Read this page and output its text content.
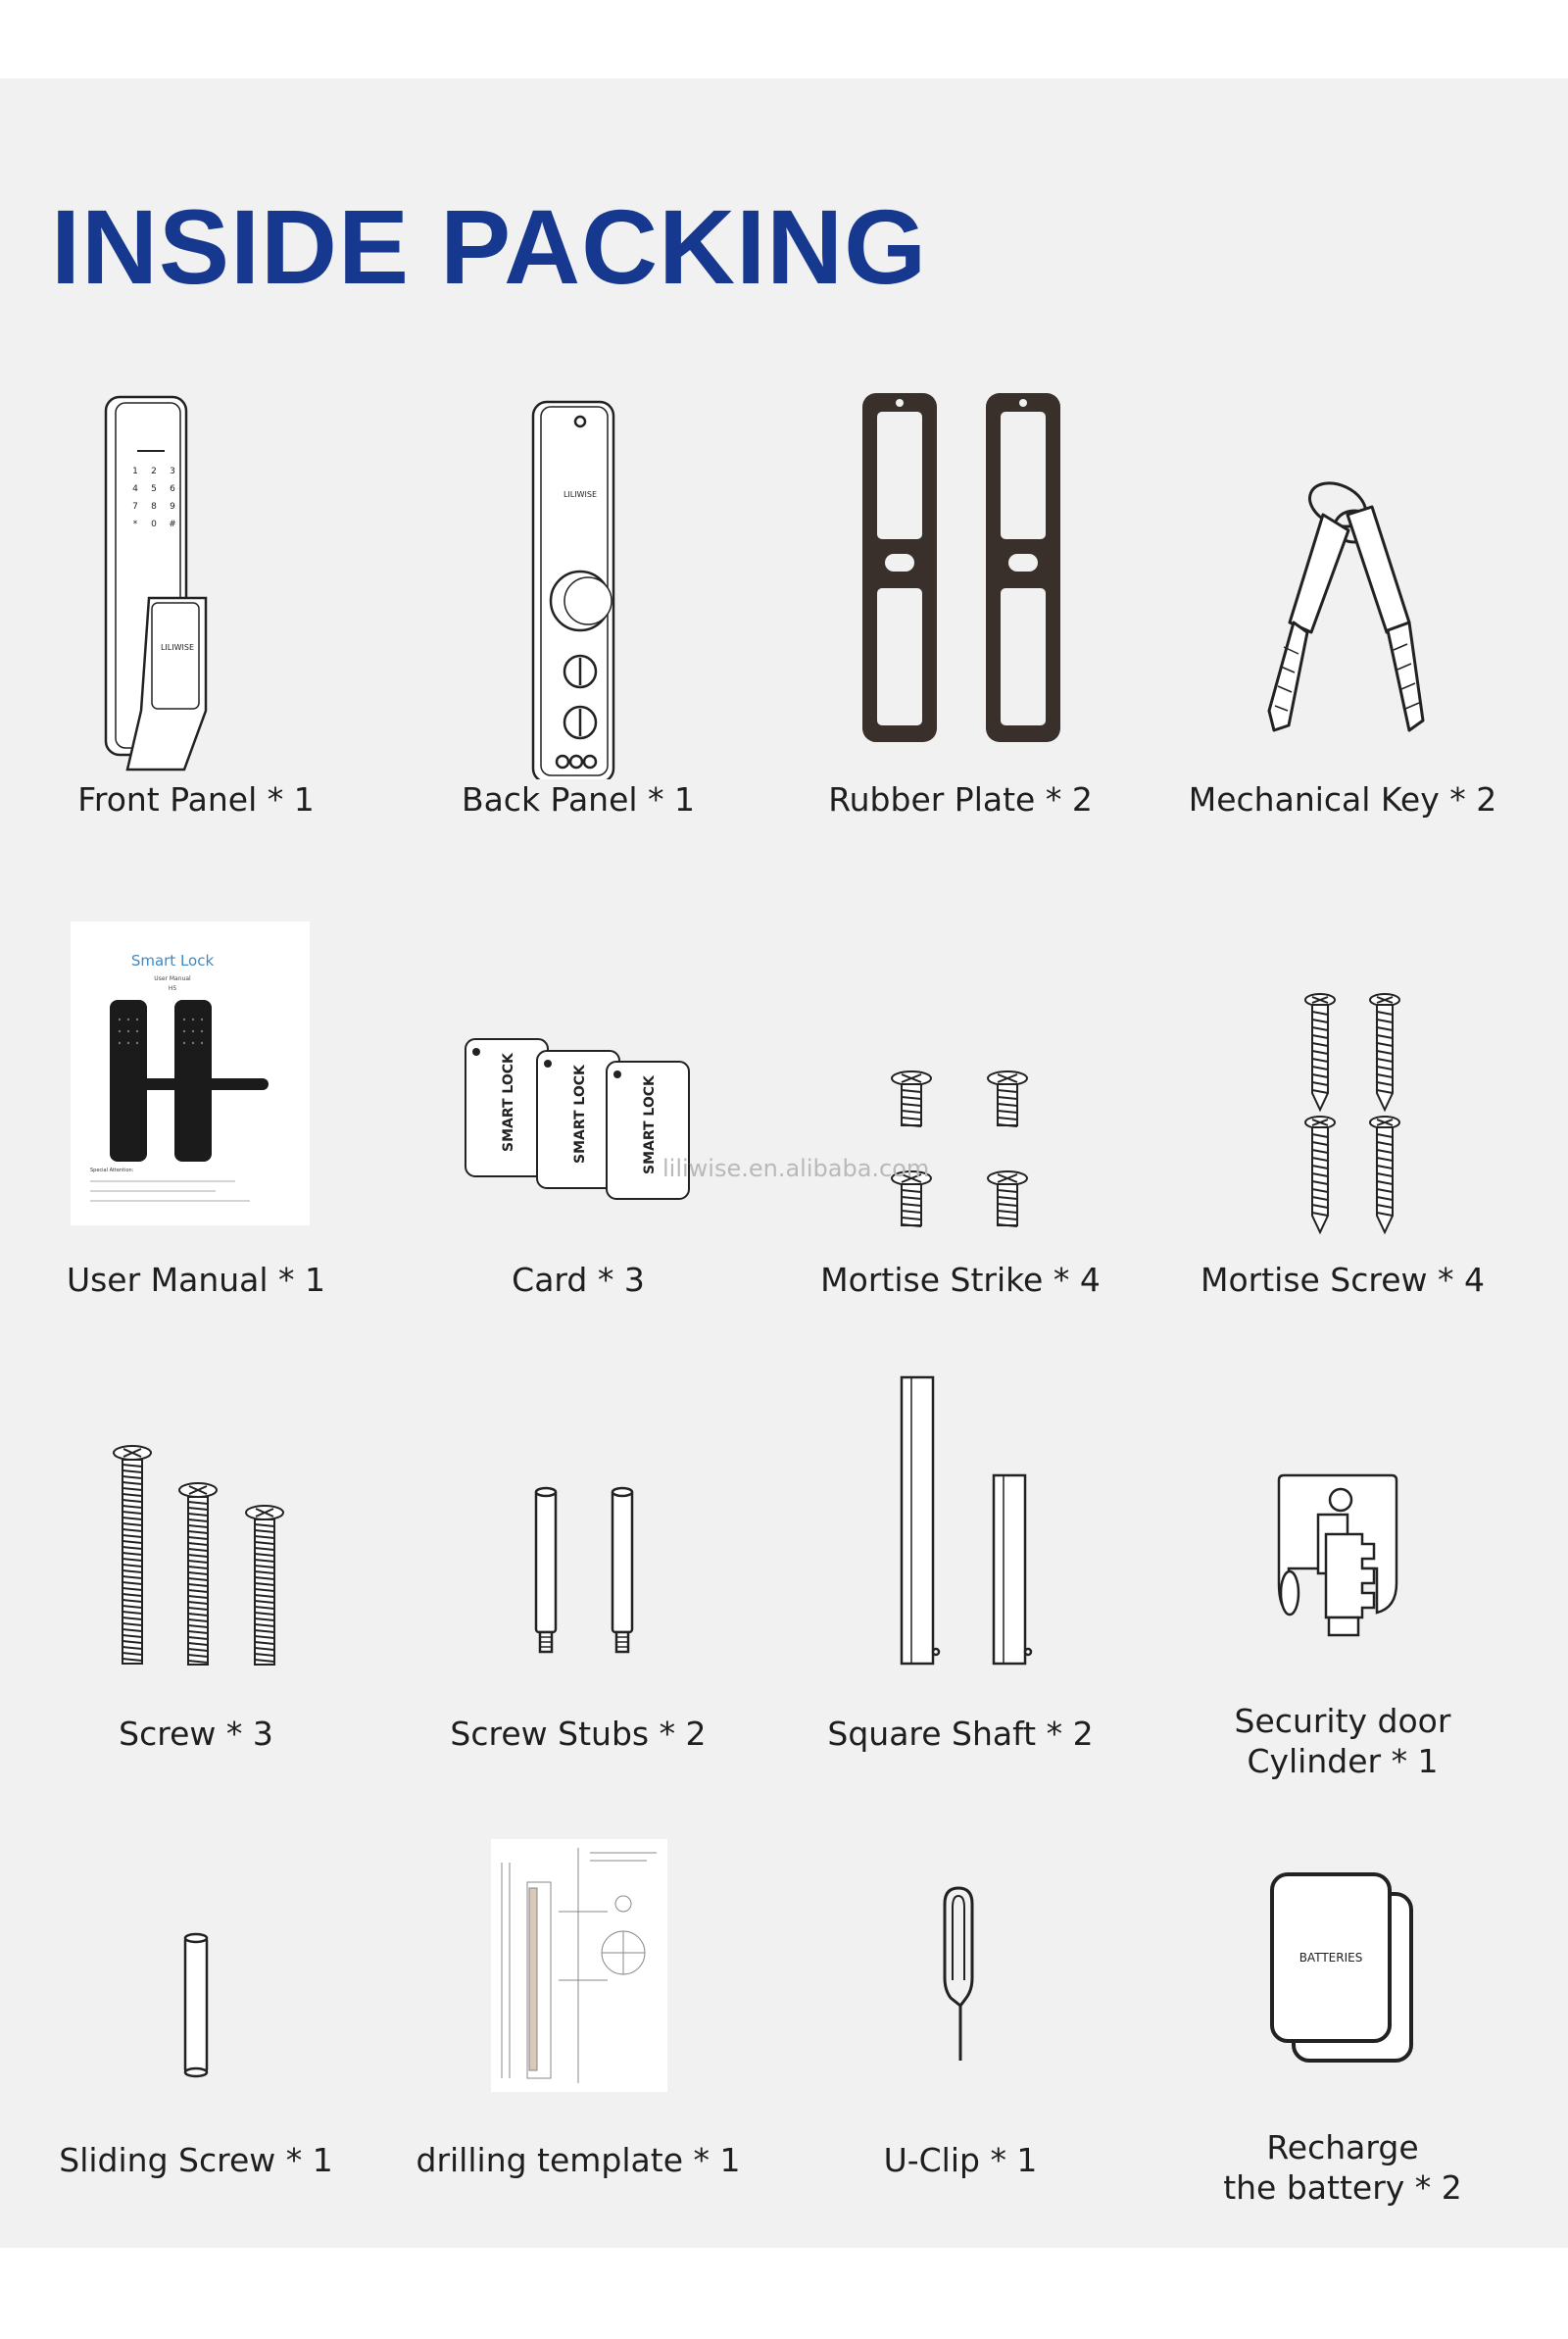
INSIDE PACKING
LILIWISE
1 2 3
4 5 6
7 8 9
* 0 #
Front Panel * 1
LILIWISE
Back Panel * 1	Rubber Plate * 2	Mechanical Key * 2
Smart Lock
User Manual
H5
Special Attention:
User Manual * 1
SMART LOCK	SMART LOCK	SMART LOCK
Card * 3	Mortise Strike * 4	Mortise Screw * 4
liliwise.en.alibaba.com
Screw * 3	Screw Stubs * 2	Square Shaft * 2	Security door
Cylinder * 1
Sliding Screw * 1	drilling template * 1	U-Clip * 1
BATTERIES
Recharge
the battery * 2
